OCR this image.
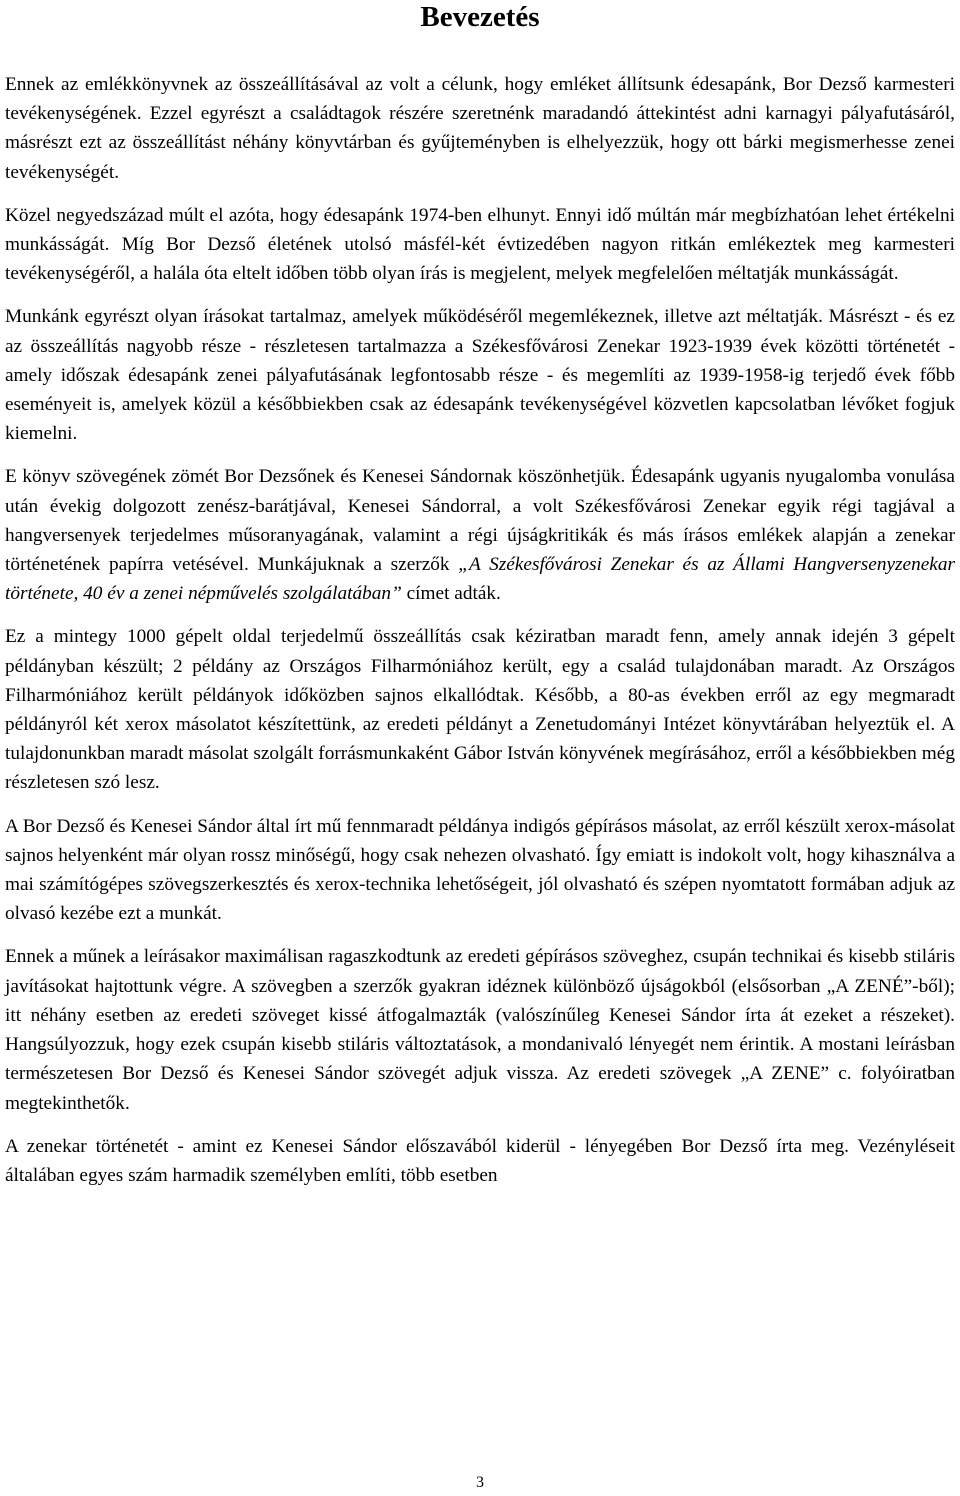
Bevezetés

Ennek az emlékkönyvnek az összeállításával az volt a célunk, hogy emléket állítsunk édesapánk, Bor Dezső karmesteri tevékenységének. Ezzel egyrészt a családtagok részére szeretnénk maradandó áttekintést adni karnagyi pályafutásáról, másrészt ezt az összeállítást néhány könyvtárban és gyűjteményben is elhelyezzük, hogy ott bárki megismerhesse zenei tevékenységét.

Közel negyedszázad múlt el azóta, hogy édesapánk 1974-ben elhunyt. Ennyi idő múltán már megbízhatóan lehet értékelni munkásságát. Míg Bor Dezső életének utolsó másfél-két évtizedében nagyon ritkán emlékeztek meg karmesteri tevékenységéről, a halála óta eltelt időben több olyan írás is megjelent, melyek megfelelően méltatják munkásságát.

Munkánk egyrészt olyan írásokat tartalmaz, amelyek működéséről megemlékeznek, illetve azt méltatják. Másrészt - és ez az összeállítás nagyobb része - részletesen tartalmazza a Székesfővárosi Zenekar 1923-1939 évek közötti történetét - amely időszak édesapánk zenei pályafutásának legfontosabb része - és megemlíti az 1939-1958-ig terjedő évek főbb eseményeit is, amelyek közül a későbbiekben csak az édesapánk tevékenységével közvetlen kapcsolatban lévőket fogjuk kiemelni.

E könyv szövegének zömét Bor Dezsőnek és Kenesei Sándornak köszönhetjük. Édesapánk ugyanis nyugalomba vonulása után évekig dolgozott zenész-barátjával, Kenesei Sándorral, a volt Székesfővárosi Zenekar egyik régi tagjával a hangversenyek terjedelmes műsoranyagának, valamint a régi újságkritikák és más írásos emlékek alapján a zenekar történetének papírra vetésével. Munkájuknak a szerzők „A Székesfővárosi Zenekar és az Állami Hangversenyzenekar története, 40 év a zenei népművelés szolgálatában” címet adták.

Ez a mintegy 1000 gépelt oldal terjedelmű összeállítás csak kéziratban maradt fenn, amely annak idején 3 gépelt példányban készült; 2 példány az Országos Filharmóniához került, egy a család tulajdonában maradt. Az Országos Filharmóniához került példányok időközben sajnos elkallódtak. Később, a 80-as években erről az egy megmaradt példányról két xerox másolatot készítettünk, az eredeti példányt a Zenetudományi Intézet könyvtárában helyeztük el. A tulajdonunkban maradt másolat szolgált forrásmunkaként Gábor István könyvének megírásához, erről a későbbiekben még részletesen szó lesz.

A Bor Dezső és Kenesei Sándor által írt mű fennmaradt példánya indigós gépírásos másolat, az erről készült xerox-másolat sajnos helyenként már olyan rossz minőségű, hogy csak nehezen olvasható. Így emiatt is indokolt volt, hogy kihasználva a mai számítógépes szövegszerkesztés és xerox-technika lehetőségeit, jól olvasható és szépen nyomtatott formában adjuk az olvasó kezébe ezt a munkát.

Ennek a műnek a leírásakor maximálisan ragaszkodtunk az eredeti gépírásos szöveghez, csupán technikai és kisebb stiláris javításokat hajtottunk végre. A szövegben a szerzők gyakran idéznek különböző újságokból (elsősorban „A ZENÉ”-ből); itt néhány esetben az eredeti szöveget kissé átfogalmazták (valószínűleg Kenesei Sándor írta át ezeket a részeket). Hangsúlyozzuk, hogy ezek csupán kisebb stiláris változtatások, a mondanivaló lényegét nem érintik. A mostani leírásban természetesen Bor Dezső és Kenesei Sándor szövegét adjuk vissza. Az eredeti szövegek „A ZENE” c. folyóiratban megtekinthetők.

A zenekar történetét - amint ez Kenesei Sándor előszavából kiderül - lényegében Bor Dezső írta meg. Vezényléseit általában egyes szám harmadik személyben említi, több esetben

3
